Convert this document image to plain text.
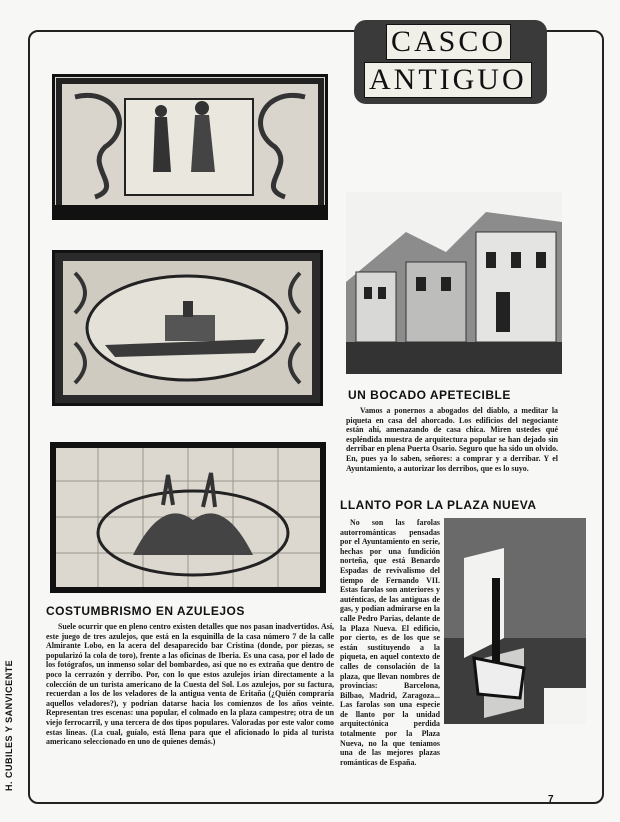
H. CUBILES Y SANVICENTE
CASCO
ANTIGUO
UN BOCADO APETECIBLE
Vamos a ponernos a abogados del diablo, a meditar la piqueta en casa del ahorcado. Los edificios del negociante están ahí, amenazando de casa chica. Miren ustedes qué espléndida muestra de arquitectura popular se han dejado sin derribar en plena Puerta Osario. Seguro que ha sido un olvido. En, pues ya lo saben, señores: a comprar y a derribar. Y el Ayuntamiento, a autorizar los derribos, que es lo suyo.
LLANTO POR LA PLAZA NUEVA
No son las farolas autorrománticas pensadas por el Ayuntamiento en serie, hechas por una fundición norteña, que está Benardo Espadas de revivalismo del tiempo de Fernando VII. Estas farolas son anteriores y auténticas, de las antiguas de gas, y podían admirarse en la calle Pedro Parias, delante de la Plaza Nueva. El edificio, por cierto, es de los que se están sustituyendo a la piqueta, en aquel contexto de calles de consolación de la plaza, que llevan nombres de provincias: Barcelona, Bilbao, Madrid, Zaragoza... Las farolas son una especie de llanto por la unidad arquitectónica perdida totalmente por la Plaza Nueva, no la que teníamos una de las mejores plazas románticas de España.
COSTUMBRISMO EN AZULEJOS
Suele ocurrir que en pleno centro existen detalles que nos pasan inadvertidos. Así, este juego de tres azulejos, que está en la esquinilla de la casa número 7 de la calle Almirante Lobo, en la acera del desaparecido bar Cristina (donde, por piezas, se popularizó la cola de toro), frente a las oficinas de Iberia. Es una casa, por el lado de los fotógrafos, un inmenso solar del bombardeo, así que no es extraña que dentro de poco la cerrazón y derribo. Por, con lo que estos azulejos irían directamente a la colección de un turista americano de la Cuesta del Sol. Los azulejos, por su factura, recuerdan a los de los veladores de la antigua venta de Eritaña (¿Quién compraría aquellos veladores?), y podrían datarse hacia los comienzos de los años veinte. Representan tres escenas: una popular, el colmado en la plaza campestre; otra de un viejo ferrocarril, y una tercera de dos tipos populares. Valoradas por este valor como estas líneas. (La cual, guíalo, está llena para que el aficionado lo pida al turista americano seleccionado en uno de quienes demás.)
7
